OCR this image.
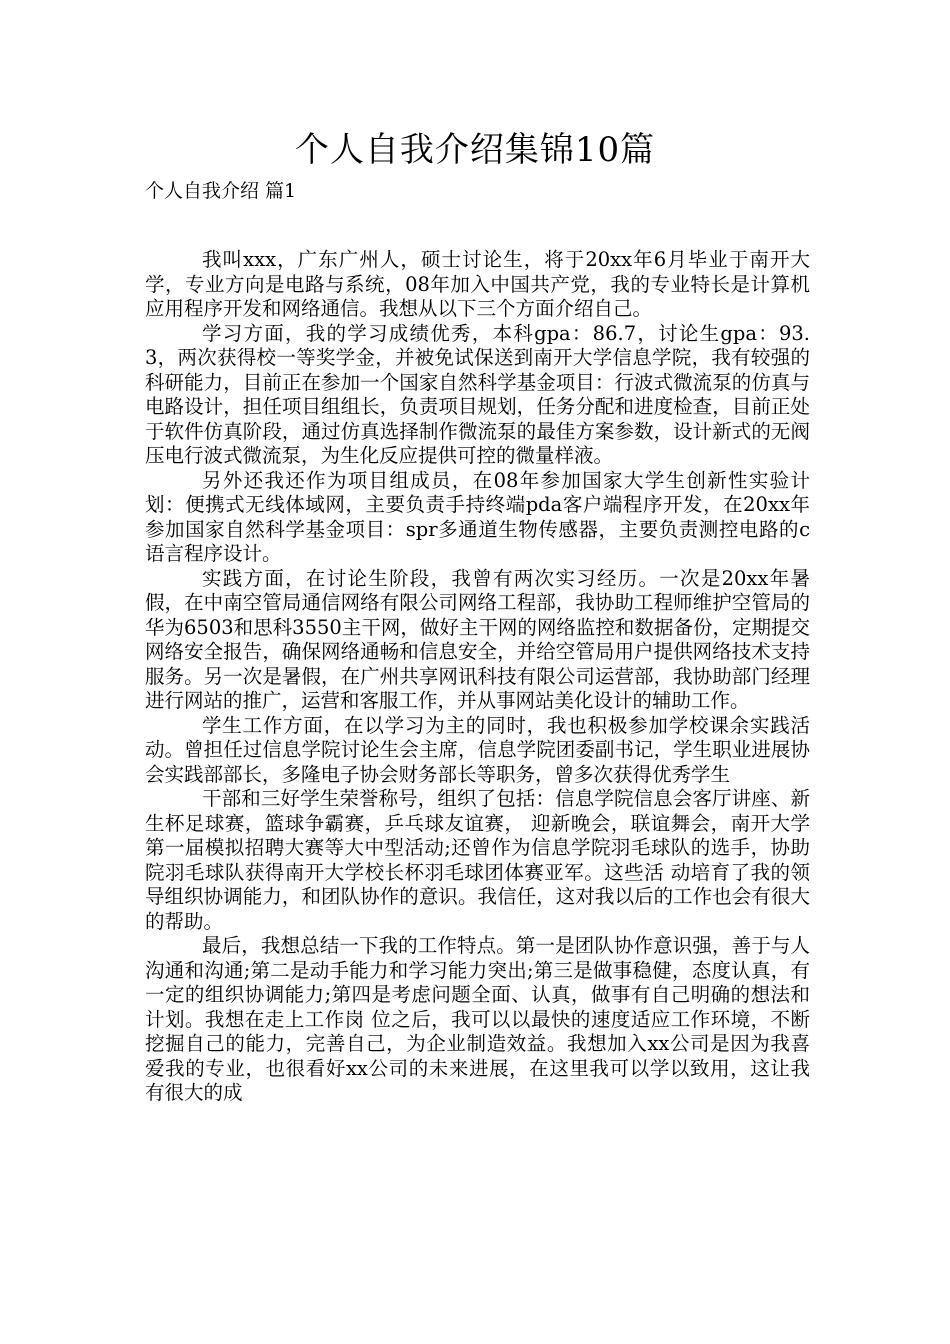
个人自我介绍集锦10篇
个人自我介绍 篇1

我叫xxx，广东广州人，硕士讨论生，将于20xx年6月毕业于南开大学，专业方向是电路与系统，08年加入中国共产党，我的专业特长是计算机应用程序开发和网络通信。我想从以下三个方面介绍自己。

学习方面，我的学习成绩优秀，本科gpa：86.7，讨论生gpa：93.3，两次获得校一等奖学金，并被免试保送到南开大学信息学院，我有较强的科研能力，目前正在参加一个国家自然科学基金项目：行波式微流泵的仿真与电路设计，担任项目组组长，负责项目规划，任务分配和进度检查，目前正处于软件仿真阶段，通过仿真选择制作微流泵的最佳方案参数，设计新式的无阀压电行波式微流泵，为生化反应提供可控的微量样液。

另外还我还作为项目组成员，在08年参加国家大学生创新性实验计划：便携式无线体域网，主要负责手持终端pda客户端程序开发，在20xx年参加国家自然科学基金项目：spr多通道生物传感器，主要负责测控电路的c语言程序设计。

实践方面，在讨论生阶段，我曾有两次实习经历。一次是20xx年暑假，在中南空管局通信网络有限公司网络工程部，我协助工程师维护空管局的华为6503和思科3550主干网，做好主干网的网络监控和数据备份，定期提交网络安全报告，确保网络通畅和信息安全，并给空管局用户提供网络技术支持服务。另一次是暑假，在广州共享网讯科技有限公司运营部，我协助部门经理进行网站的推广，运营和客服工作，并从事网站美化设计的辅助工作。

学生工作方面，在以学习为主的同时，我也积极参加学校课余实践活动。曾担任过信息学院讨论生会主席，信息学院团委副书记，学生职业进展协会实践部部长，多隆电子协会财务部长等职务，曾多次获得优秀学生

干部和三好学生荣誉称号，组织了包括：信息学院信息会客厅讲座、新生杯足球赛，篮球争霸赛，乒乓球友谊赛， 迎新晚会，联谊舞会，南开大学第一届模拟招聘大赛等大中型活动;还曾作为信息学院羽毛球队的选手，协助院羽毛球队获得南开大学校长杯羽毛球团体赛亚军。这些活 动培育了我的领导组织协调能力，和团队协作的意识。我信任，这对我以后的工作也会有很大的帮助。

最后，我想总结一下我的工作特点。第一是团队协作意识强，善于与人沟通和沟通;第二是动手能力和学习能力突出;第三是做事稳健，态度认真，有一定的组织协调能力;第四是考虑问题全面、认真，做事有自己明确的想法和计划。我想在走上工作岗 位之后，我可以以最快的速度适应工作环境，不断挖掘自己的能力，完善自己，为企业制造效益。我想加入xx公司是因为我喜爱我的专业，也很看好xx公司的未来进展，在这里我可以学以致用，这让我有很大的成
